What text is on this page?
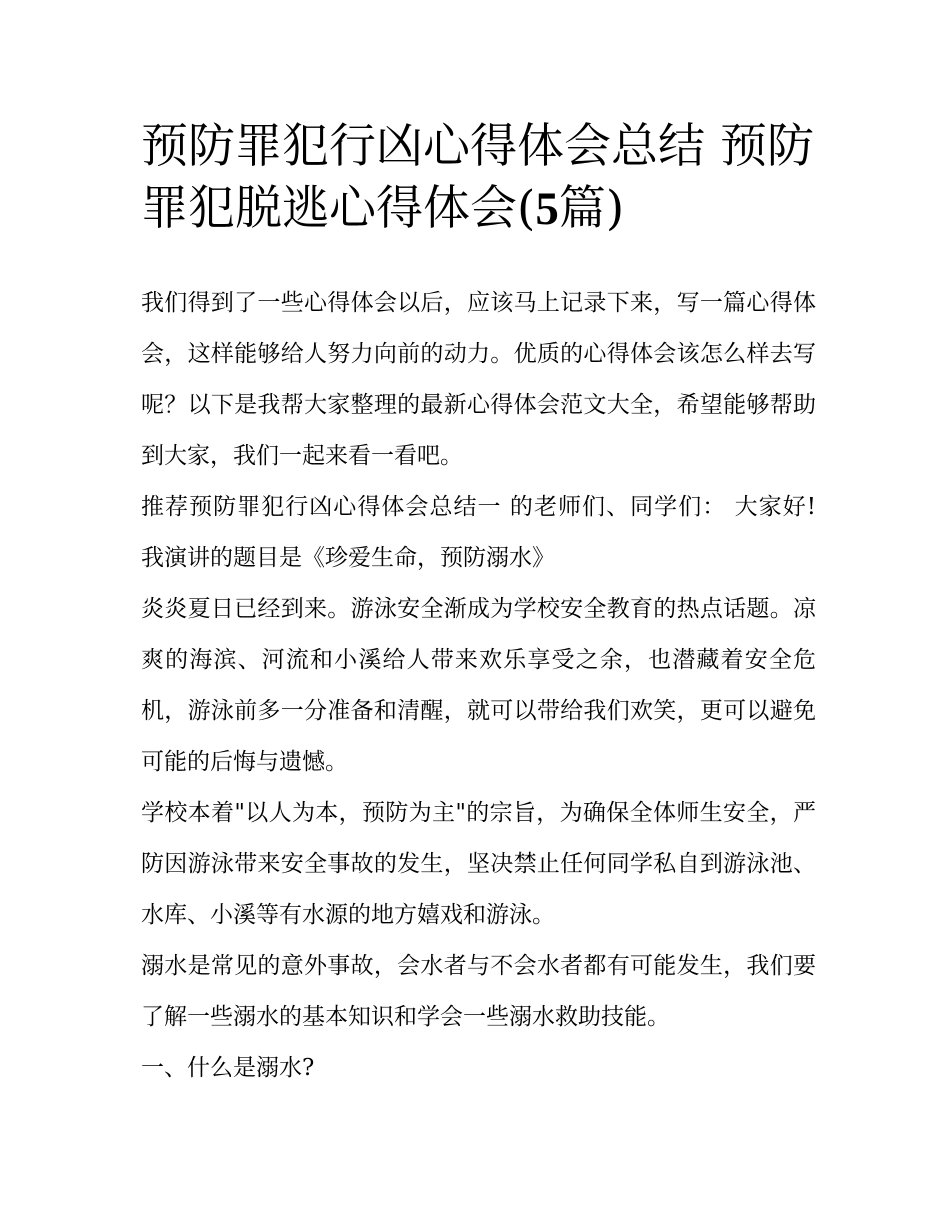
预防罪犯行凶心得体会总结 预防罪犯脱逃心得体会(5篇)

我们得到了一些心得体会以后，应该马上记录下来，写一篇心得体会，这样能够给人努力向前的动力。优质的心得体会该怎么样去写呢？以下是我帮大家整理的最新心得体会范文大全，希望能够帮助到大家，我们一起来看一看吧。

推荐预防罪犯行凶心得体会总结一 的老师们、同学们： 大家好! 我演讲的题目是《珍爱生命，预防溺水》

炎炎夏日已经到来。游泳安全渐成为学校安全教育的热点话题。凉爽的海滨、河流和小溪给人带来欢乐享受之余，也潜藏着安全危机，游泳前多一分准备和清醒，就可以带给我们欢笑，更可以避免可能的后悔与遗憾。

学校本着"以人为本，预防为主"的宗旨，为确保全体师生安全，严防因游泳带来安全事故的发生，坚决禁止任何同学私自到游泳池、水库、小溪等有水源的地方嬉戏和游泳。

溺水是常见的意外事故，会水者与不会水者都有可能发生，我们要了解一些溺水的基本知识和学会一些溺水救助技能。

一、什么是溺水?
